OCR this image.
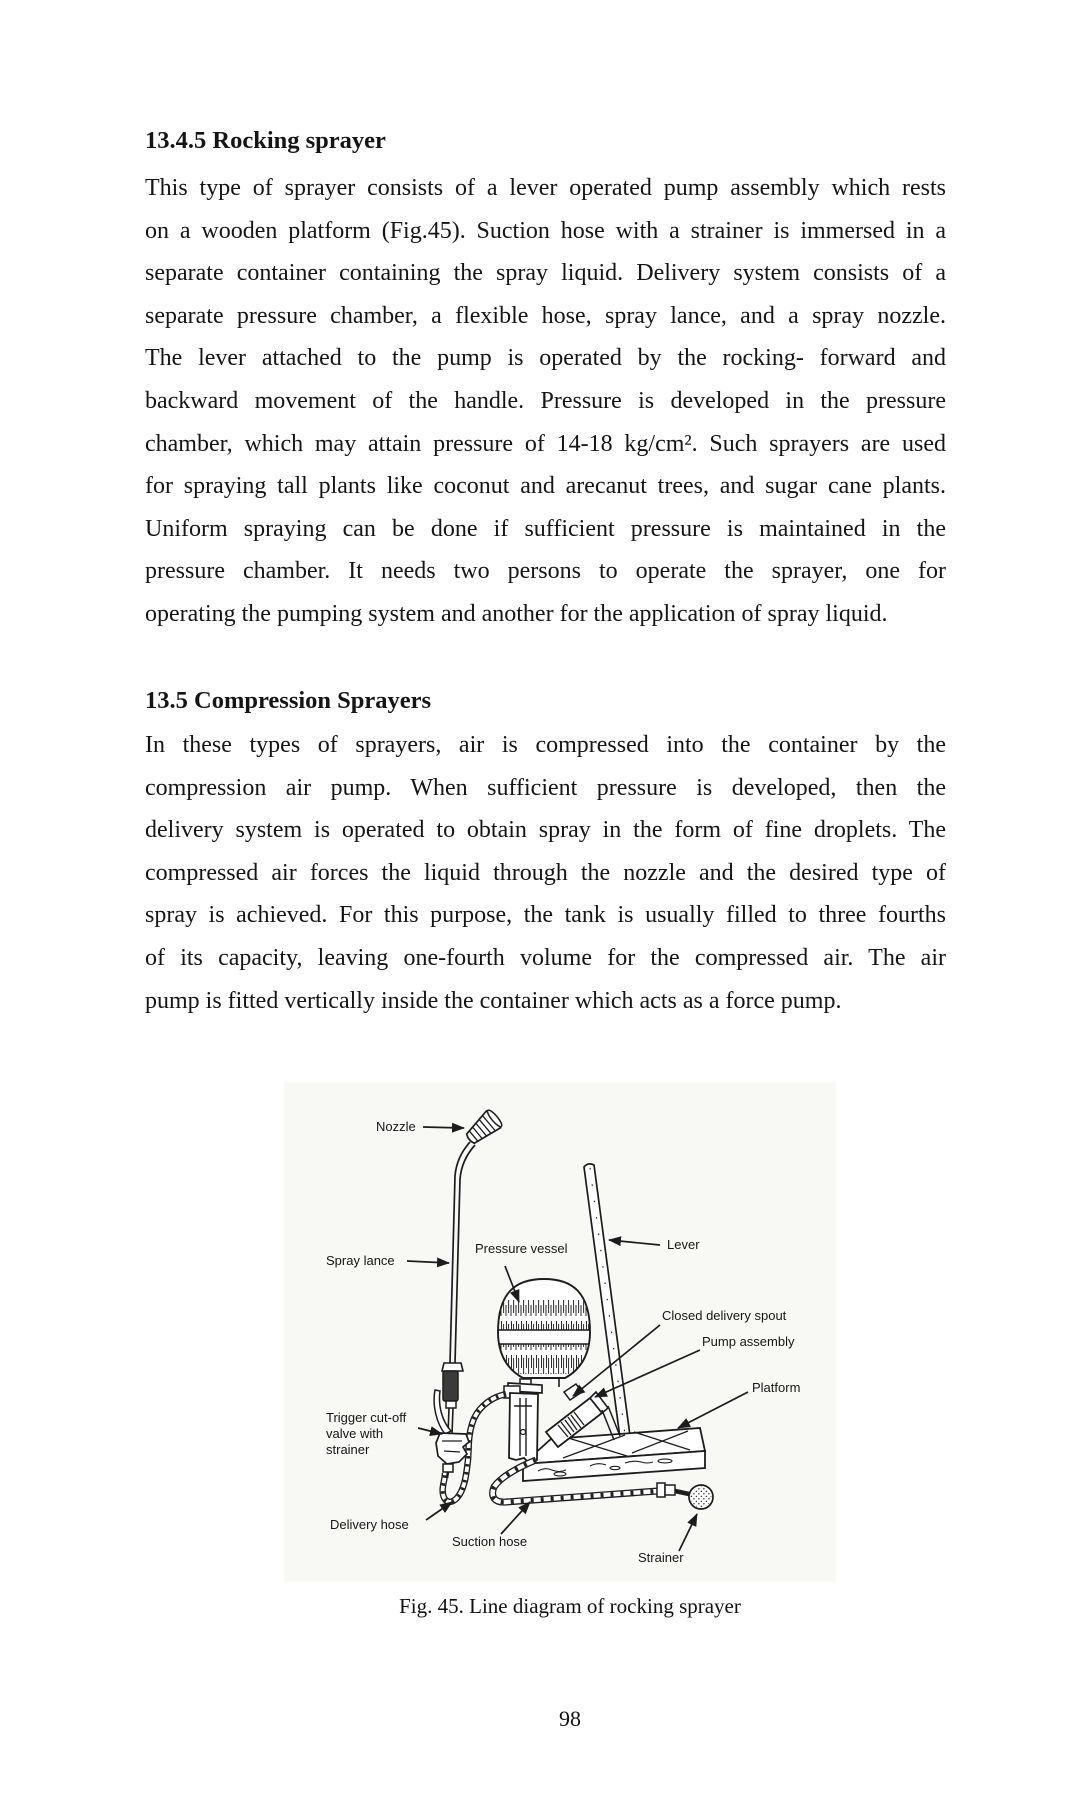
13.4.5 Rocking sprayer
This type of sprayer consists of a lever operated pump assembly which rests
on a wooden platform (Fig.45). Suction hose with a strainer is immersed in a
separate container containing the spray liquid. Delivery system consists of a
separate pressure chamber, a flexible hose, spray lance, and a spray nozzle.
The lever attached to the pump is operated by the rocking- forward and
backward movement of the handle. Pressure is developed in the pressure
chamber, which may attain pressure of 14-18 kg/cm². Such sprayers are used
for spraying tall plants like coconut and arecanut trees, and sugar cane plants.
Uniform spraying can be done if sufficient pressure is maintained in the
pressure chamber. It needs two persons to operate the sprayer, one for
operating the pumping system and another for the application of spray liquid.
13.5 Compression Sprayers
In these types of sprayers, air is compressed into the container by the
compression air pump. When sufficient pressure is developed, then the
delivery system is operated to obtain spray in the form of fine droplets. The
compressed air forces the liquid through the nozzle and the desired type of
spray is achieved. For this purpose, the tank is usually filled to three fourths
of its capacity, leaving one-fourth volume for the compressed air. The air
pump is fitted vertically inside the container which acts as a force pump.
Nozzle
Spray lance
Pressure vessel	Lever
Closed delivery spout
Pump assembly
Platform
Trigger cut-off
valve with
strainer
Delivery hose
Suction hose
Strainer
Fig. 45. Line diagram of rocking sprayer
98
